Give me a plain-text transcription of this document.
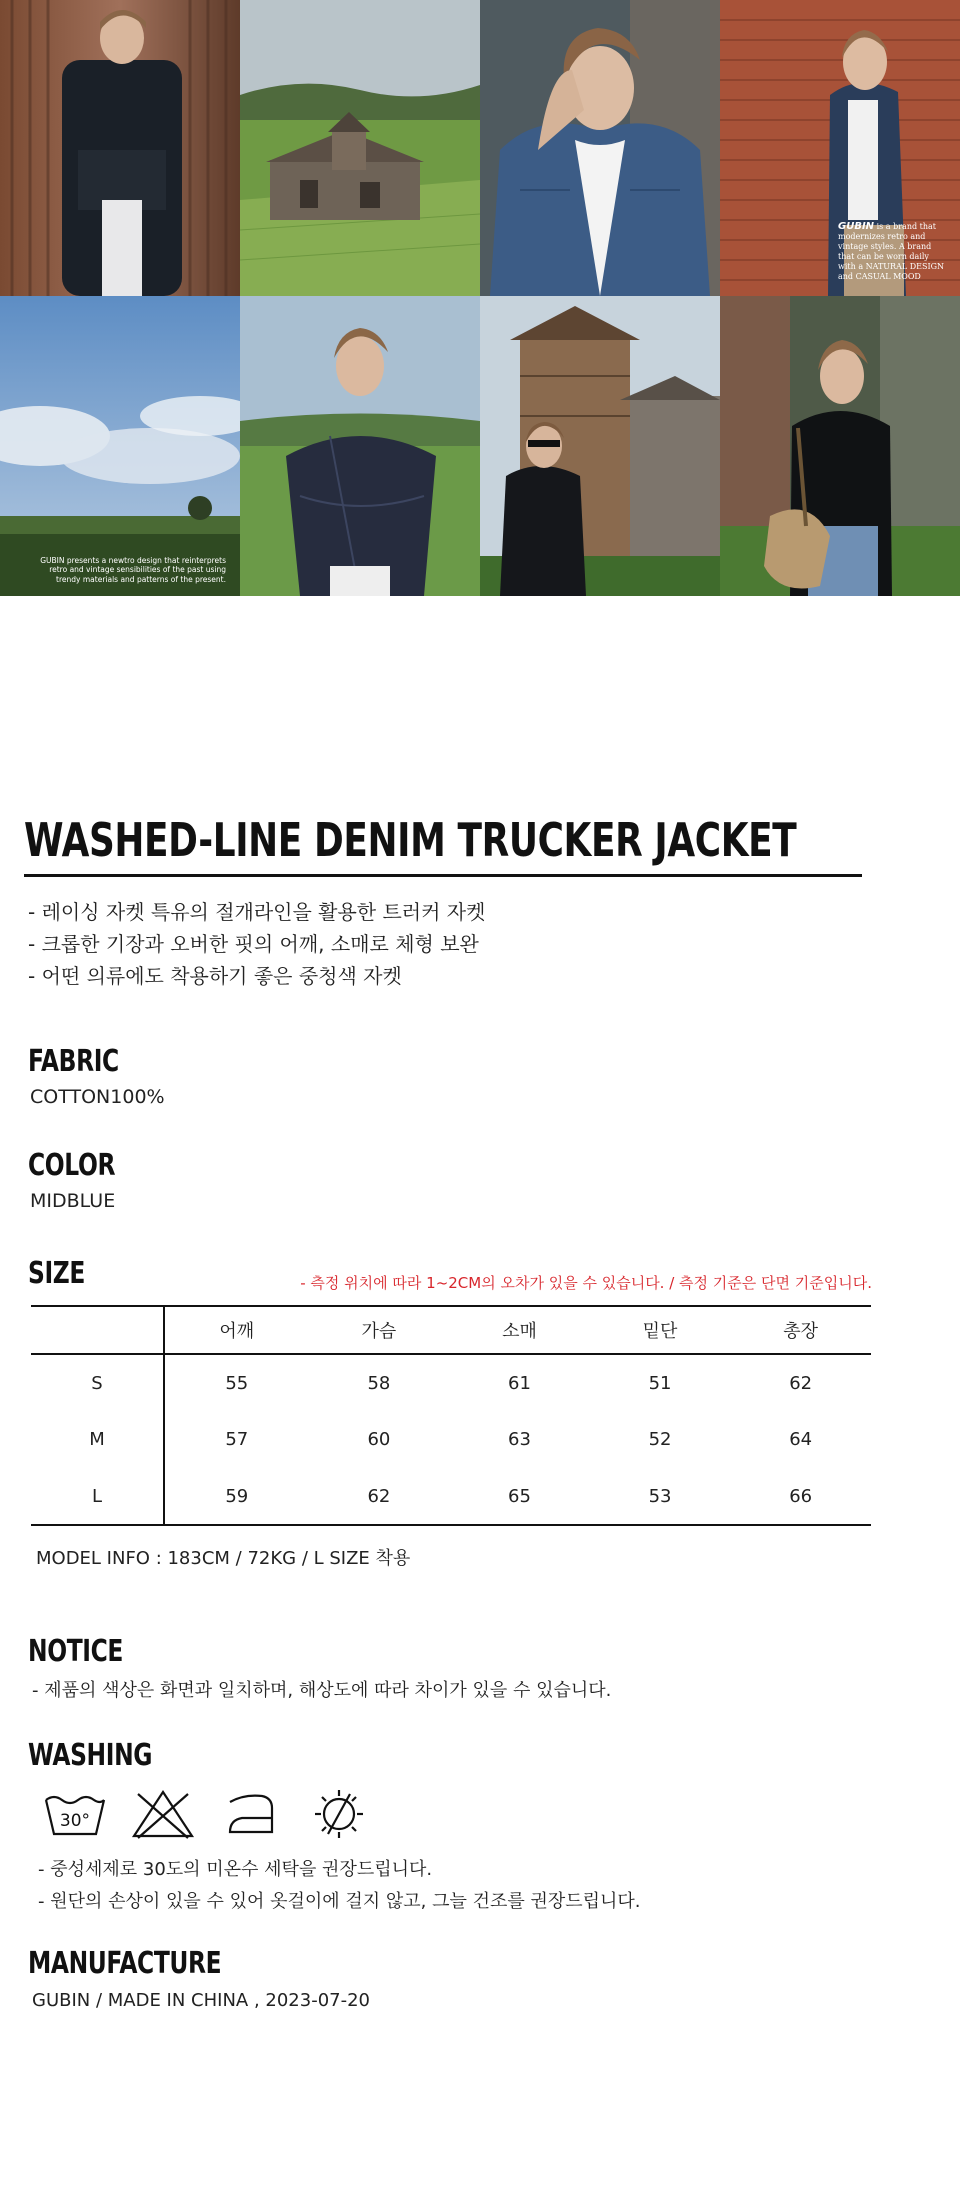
GUBIN is a brand that modernizes retro and vintage styles. A brand that can be worn daily with a NATURAL DESIGN and CASUAL MOOD
GUBIN presents a newtro design that reinterprets retro and vintage sensibilities of the past using trendy materials and patterns of the present.
WASHED-LINE DENIM TRUCKER JACKET
- 레이싱 자켓 특유의 절개라인을 활용한 트러커 자켓
- 크롭한 기장과 오버한 핏의 어깨, 소매로 체형 보완
- 어떤 의류에도 착용하기 좋은 중청색 자켓
FABRIC
COTTON100%
COLOR
MIDBLUE
SIZE	- 측정 위치에 따라 1~2CM의 오차가 있을 수 있습니다. / 측정 기준은 단면 기준입니다.
	어깨	가슴	소매	밑단	총장
S	55	58	61	51	62
M	57	60	63	52	64
L	59	62	65	53	66
MODEL INFO : 183CM / 72KG / L SIZE 착용
NOTICE
- 제품의 색상은 화면과 일치하며, 해상도에 따라 차이가 있을 수 있습니다.
WASHING
30°
- 중성세제로 30도의 미온수 세탁을 권장드립니다.
- 원단의 손상이 있을 수 있어 옷걸이에 걸지 않고, 그늘 건조를 권장드립니다.
MANUFACTURE
GUBIN / MADE IN CHINA , 2023-07-20
